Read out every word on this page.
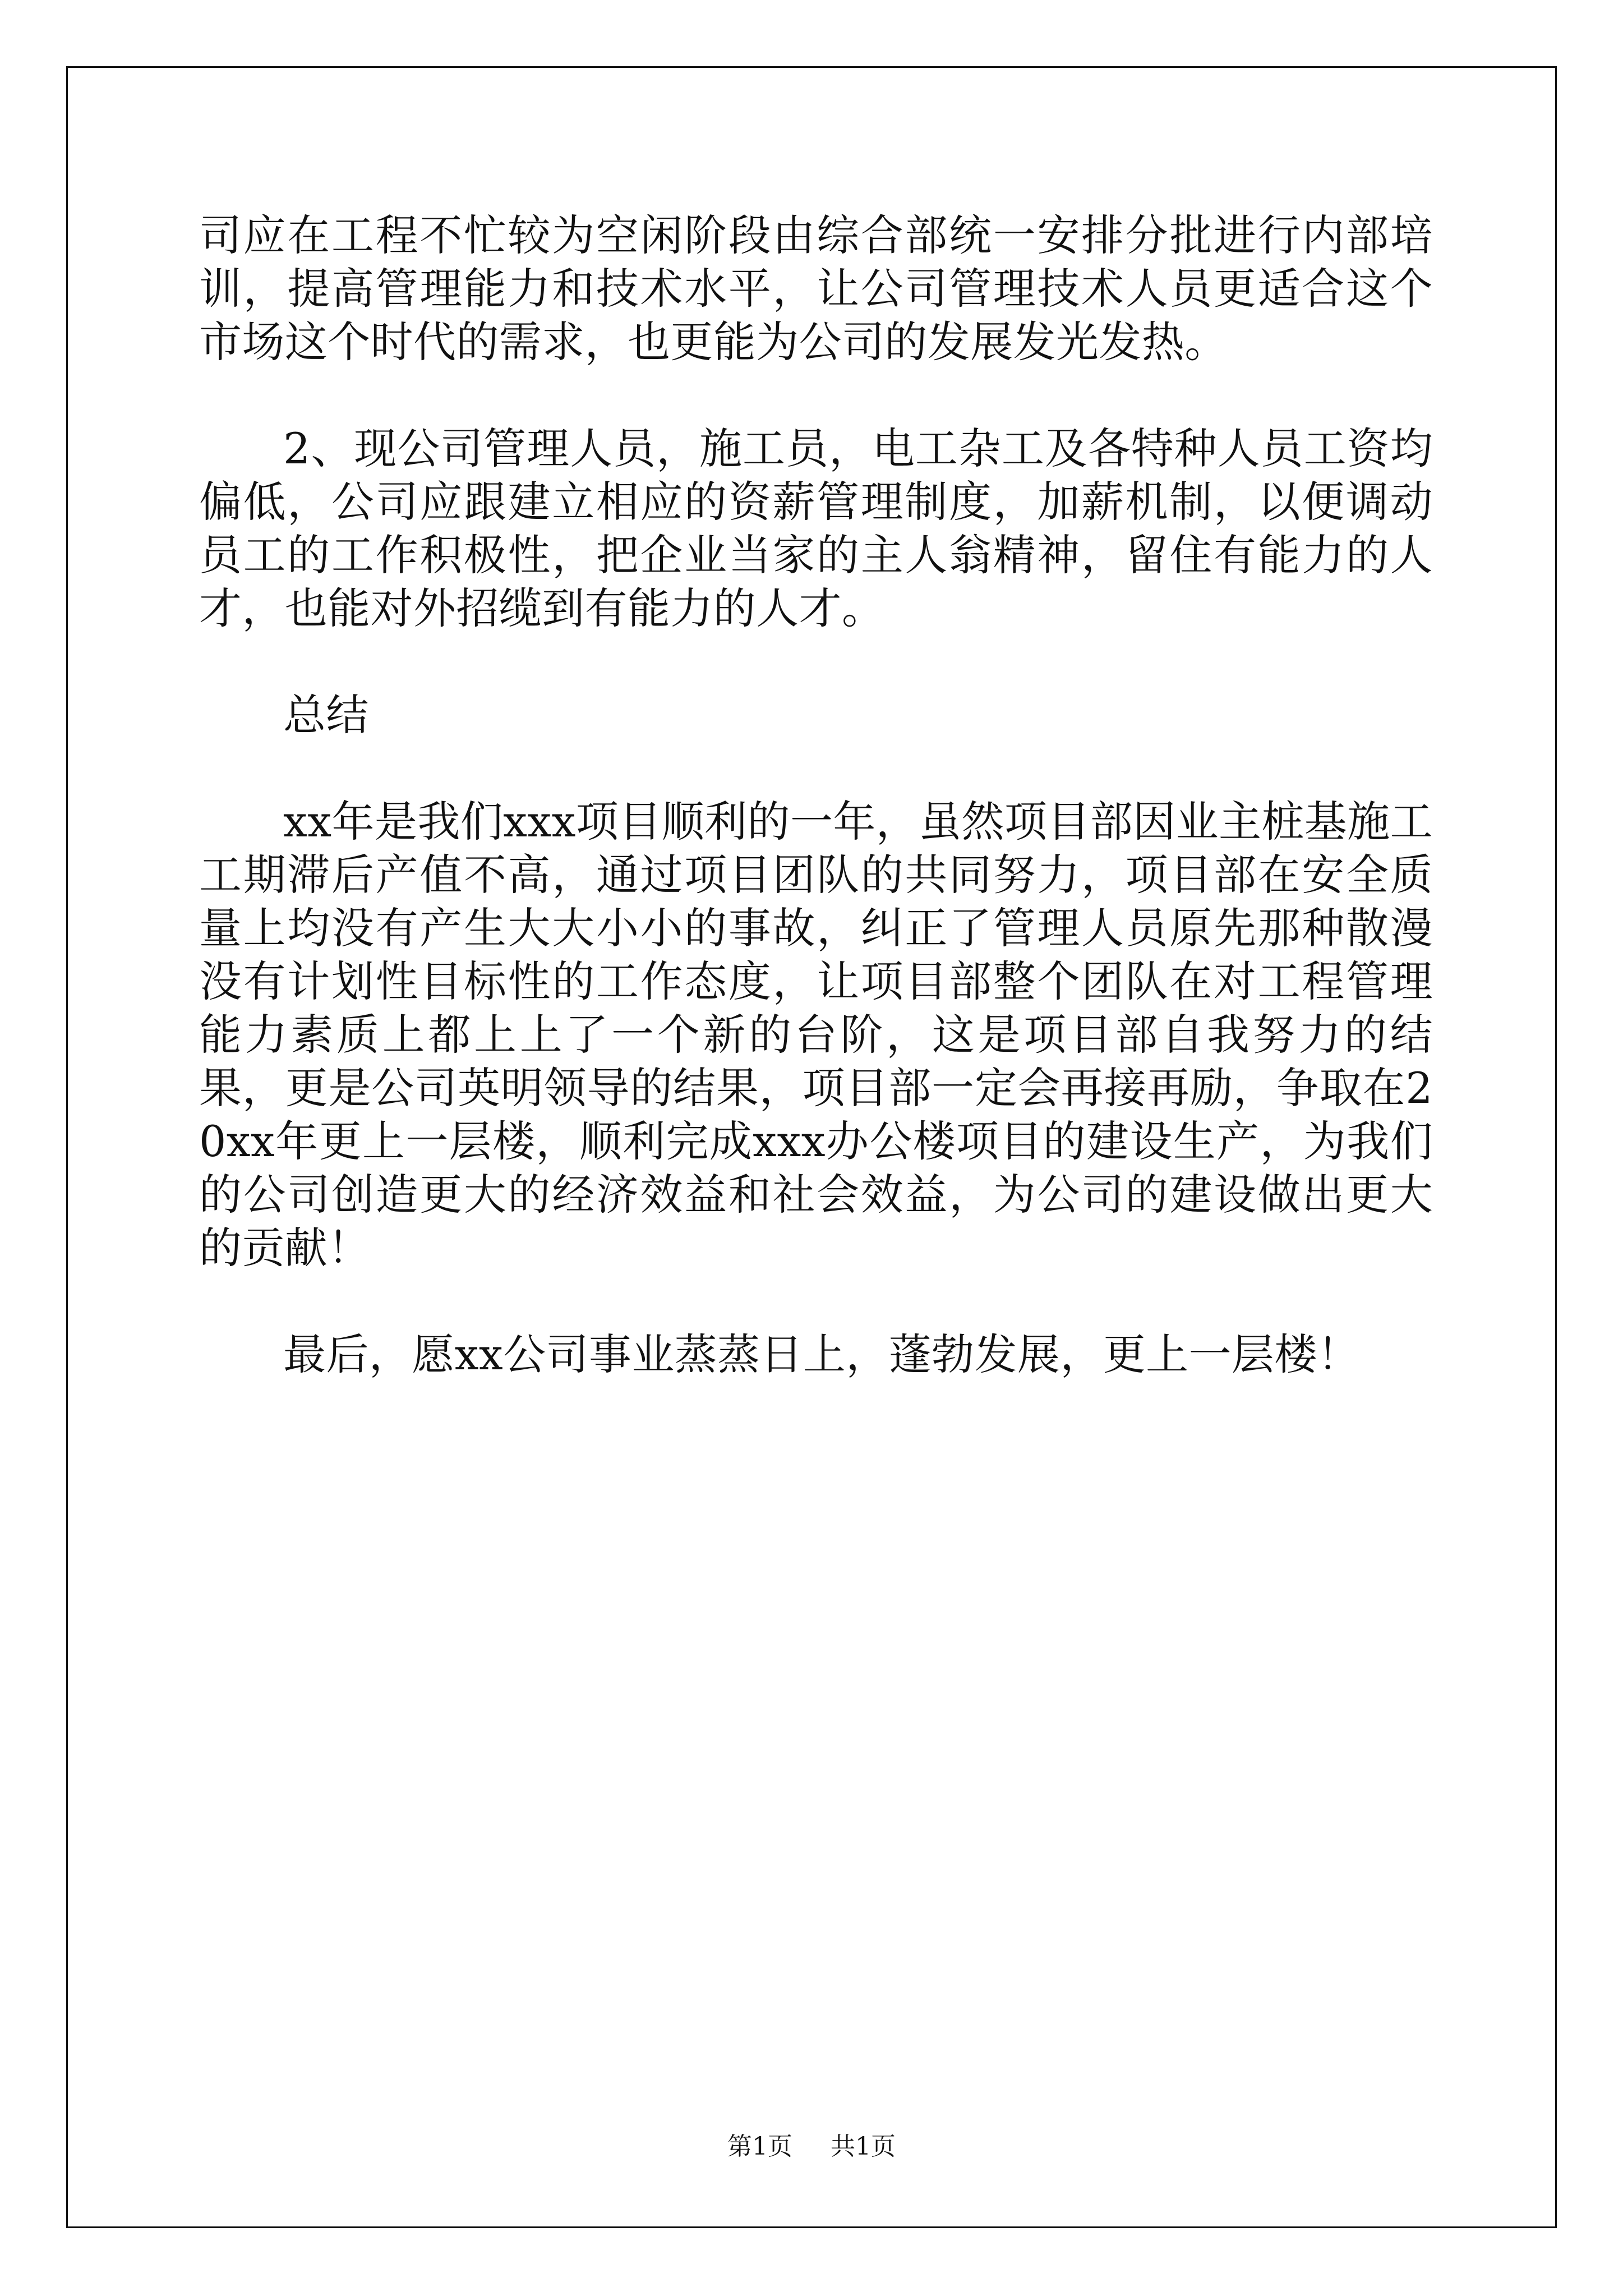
司应在工程不忙较为空闲阶段由综合部统一安排分批进行内部培训，提高管理能力和技术水平，让公司管理技术人员更适合这个市场这个时代的需求，也更能为公司的发展发光发热。

2、现公司管理人员，施工员，电工杂工及各特种人员工资均偏低，公司应跟建立相应的资薪管理制度，加薪机制，以便调动员工的工作积极性，把企业当家的主人翁精神，留住有能力的人才，也能对外招缆到有能力的人才。

总结

xx年是我们xxx项目顺利的一年，虽然项目部因业主桩基施工工期滞后产值不高，通过项目团队的共同努力，项目部在安全质量上均没有产生大大小小的事故，纠正了管理人员原先那种散漫没有计划性目标性的工作态度，让项目部整个团队在对工程管理能力素质上都上上了一个新的台阶，这是项目部自我努力的结果，更是公司英明领导的结果，项目部一定会再接再励，争取在20xx年更上一层楼，顺利完成xxx办公楼项目的建设生产，为我们的公司创造更大的经济效益和社会效益，为公司的建设做出更大的贡献！

最后，愿xx公司事业蒸蒸日上，蓬勃发展，更上一层楼！

第1页 共1页
